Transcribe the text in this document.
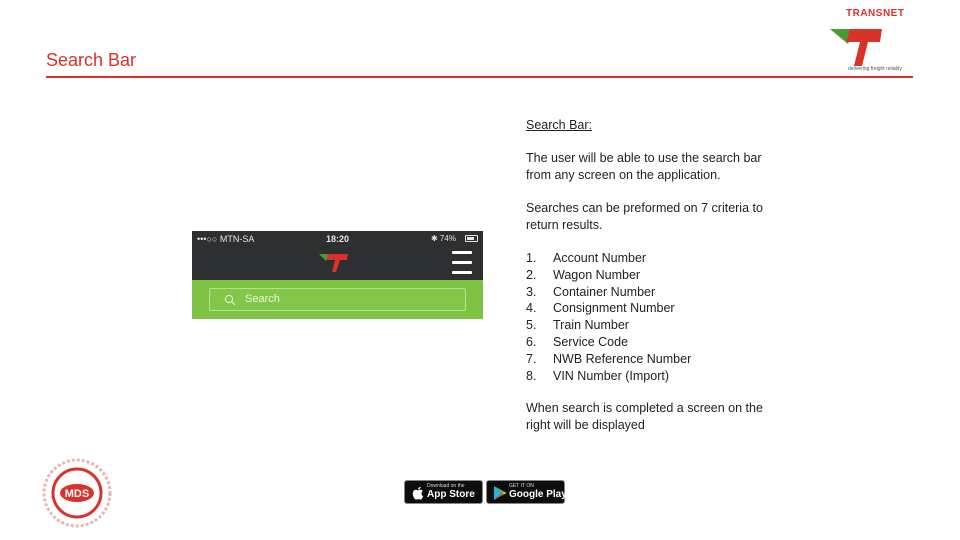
Search Bar
TRANSNET
delivering freight reliably
•••○○ MTN-SA	18:20	✱ 74%
Search
Search Bar:
The user will be able to use the search bar from any screen on the application.
Searches can be preformed on 7 criteria to return results.
1.	Account Number
2.	Wagon Number
3.	Container Number
4.	Consignment Number
5.	Train Number
6.	Service Code
7.	NWB Reference Number
8.	VIN Number (Import)
When search is completed a screen on the right will be displayed
Download on the
App Store
GET IT ON
Google Play
MDS
